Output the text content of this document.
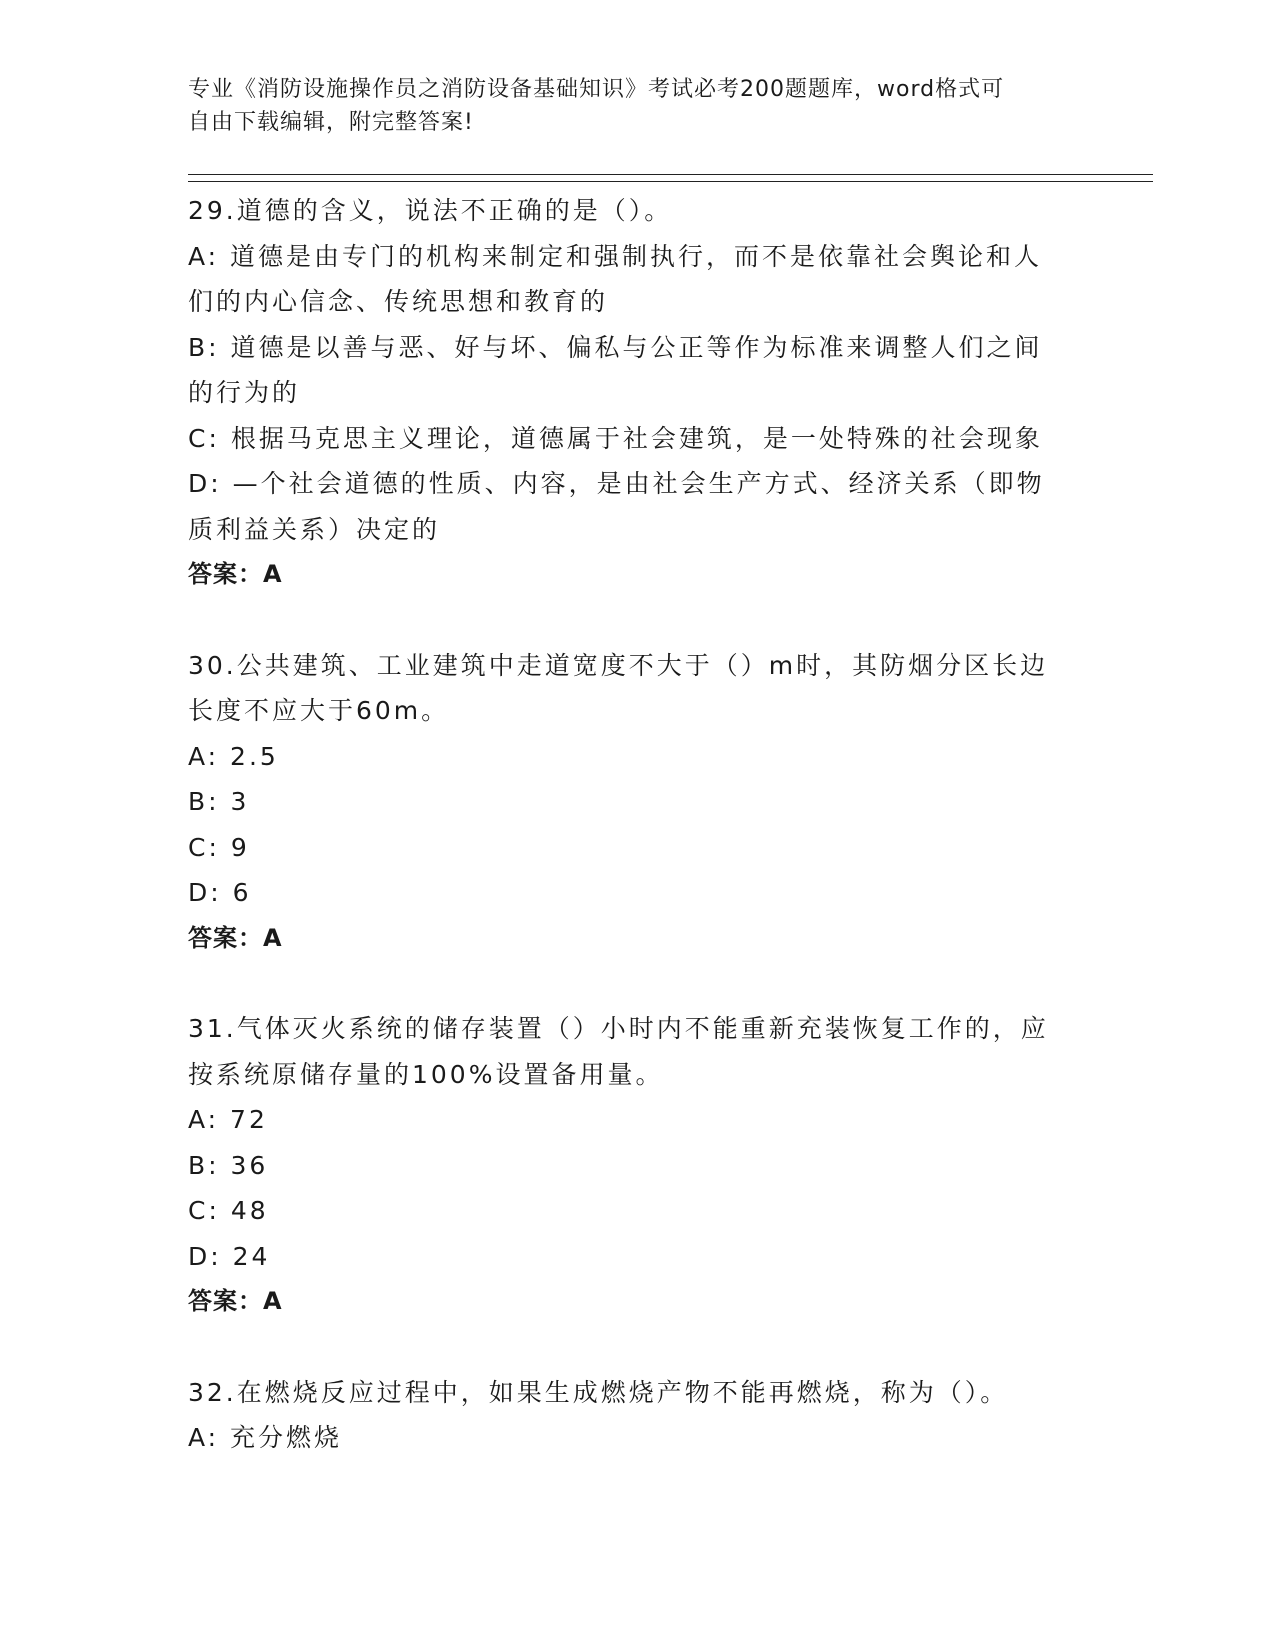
专业《消防设施操作员之消防设备基础知识》考试必考200题题库，word格式可
自由下载编辑，附完整答案!

29.道德的含义，说法不正确的是（）。

A: 道德是由专门的机构来制定和强制执行，而不是依靠社会舆论和人

们的内心信念、传统思想和教育的

B: 道德是以善与恶、好与坏、偏私与公正等作为标准来调整人们之间

的行为的

C: 根据马克思主义理论，道德属于社会建筑，是一处特殊的社会现象

D: —个社会道德的性质、内容，是由社会生产方式、经济关系（即物

质利益关系）决定的

答案：A

30.公共建筑、工业建筑中走道宽度不大于（）m时，其防烟分区长边

长度不应大于60m。

A: 2.5

B: 3

C: 9

D: 6

答案：A

31.气体灭火系统的储存装置（）小时内不能重新充装恢复工作的，应

按系统原储存量的100%设置备用量。

A: 72

B: 36

C: 48

D: 24

答案：A

32.在燃烧反应过程中，如果生成燃烧产物不能再燃烧，称为（）。

A: 充分燃烧
